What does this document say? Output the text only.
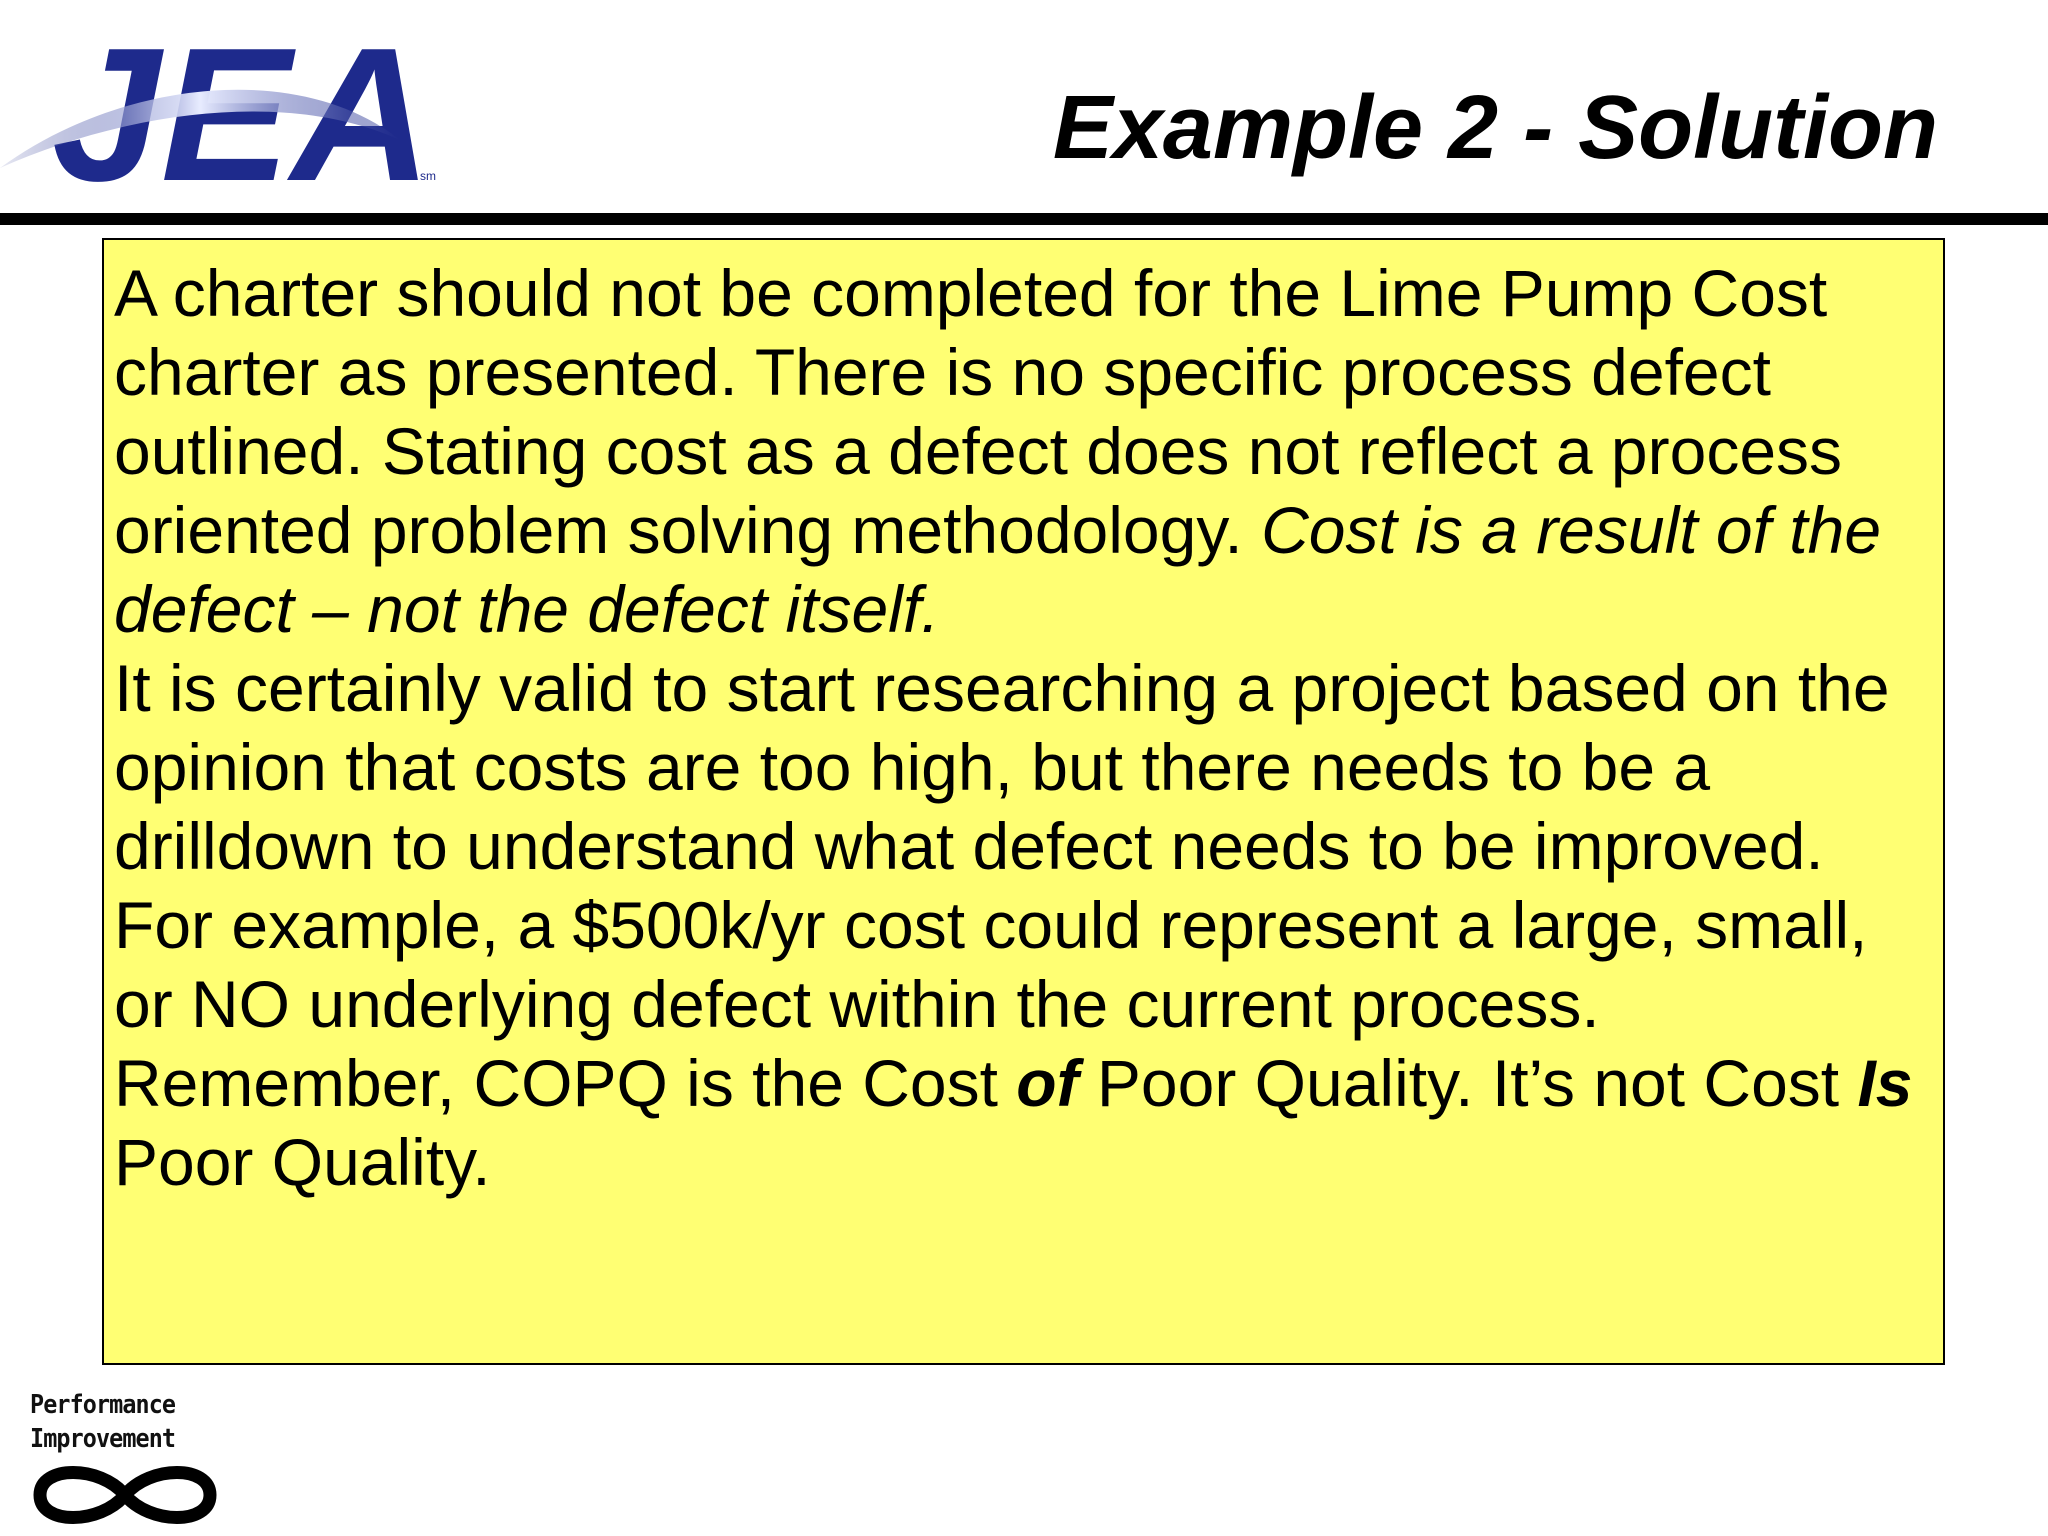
JEA
sm	Example 2 - Solution

A charter should not be completed for the Lime Pump Cost charter as presented. There is no specific process defect outlined. Stating cost as a defect does not reflect a process oriented problem solving methodology. Cost is a result of the defect – not the defect itself.

It is certainly valid to start researching a project based on the opinion that costs are too high, but there needs to be a drilldown to understand what defect needs to be improved. For example, a $500k/yr cost could represent a large, small, or NO underlying defect within the current process.

Remember, COPQ is the Cost of Poor Quality. It’s not Cost Is Poor Quality.

Performance
Improvement
